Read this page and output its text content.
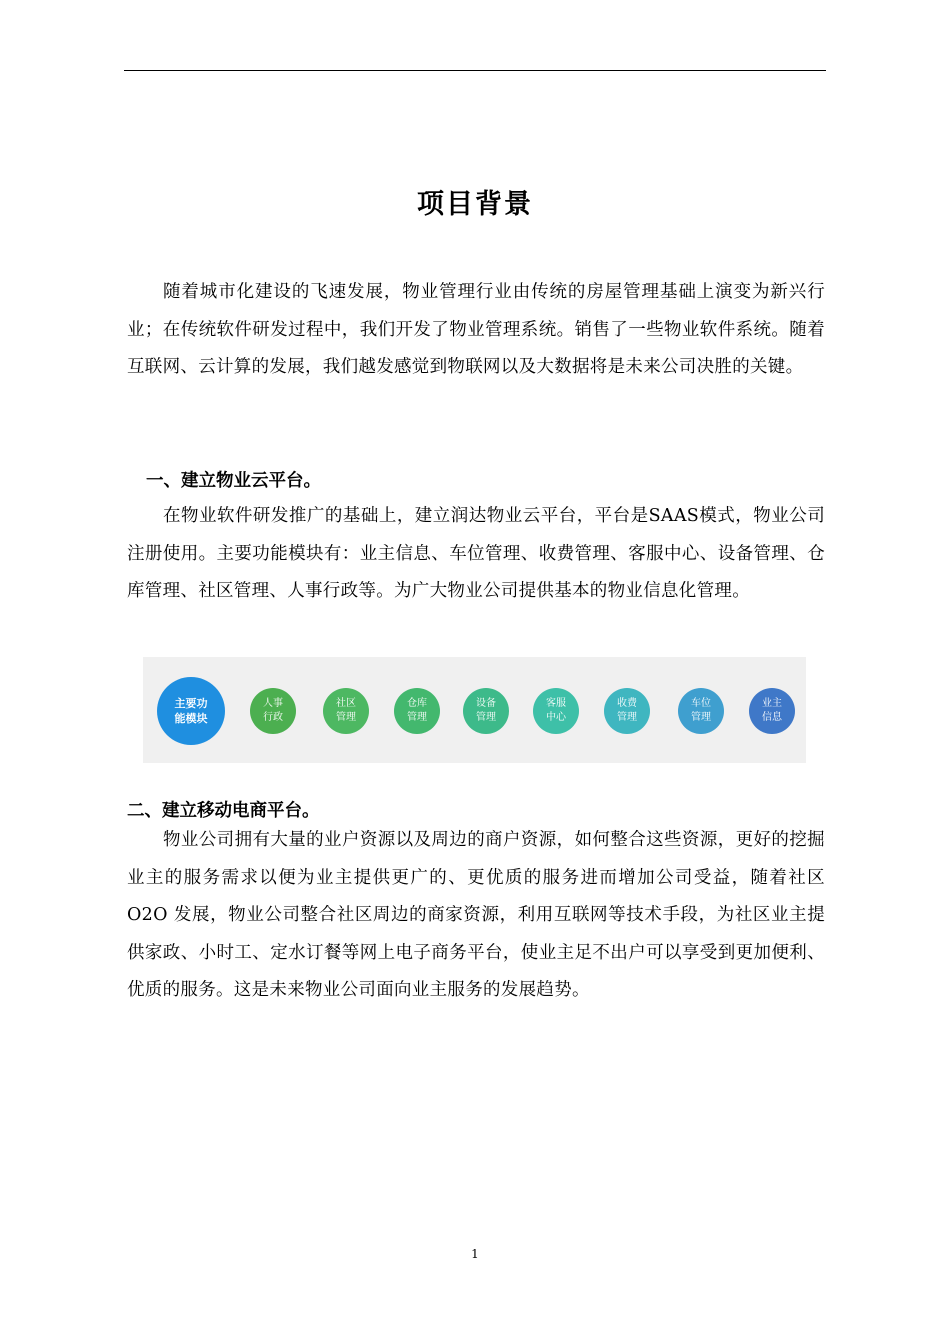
项目背景

随着城市化建设的飞速发展，物业管理行业由传统的房屋管理基础上演变为新兴行业；在传统软件研发过程中，我们开发了物业管理系统。销售了一些物业软件系统。随着互联网、云计算的发展，我们越发感觉到物联网以及大数据将是未来公司决胜的关键。

一、建立物业云平台。

在物业软件研发推广的基础上，建立润达物业云平台，平台是SAAS模式，物业公司注册使用。主要功能模块有：业主信息、车位管理、收费管理、客服中心、设备管理、仓库管理、社区管理、人事行政等。为广大物业公司提供基本的物业信息化管理。

主要功
能模块
人事
行政
社区
管理
仓库
管理
设备
管理
客服
中心
收费
管理
车位
管理
业主
信息
二、建立移动电商平台。

物业公司拥有大量的业户资源以及周边的商户资源，如何整合这些资源，更好的挖掘业主的服务需求以便为业主提供更广的、更优质的服务进而增加公司受益，随着社区 O2O 发展，物业公司整合社区周边的商家资源，利用互联网等技术手段，为社区业主提供家政、小时工、定水订餐等网上电子商务平台，使业主足不出户可以享受到更加便利、优质的服务。这是未来物业公司面向业主服务的发展趋势。

1
